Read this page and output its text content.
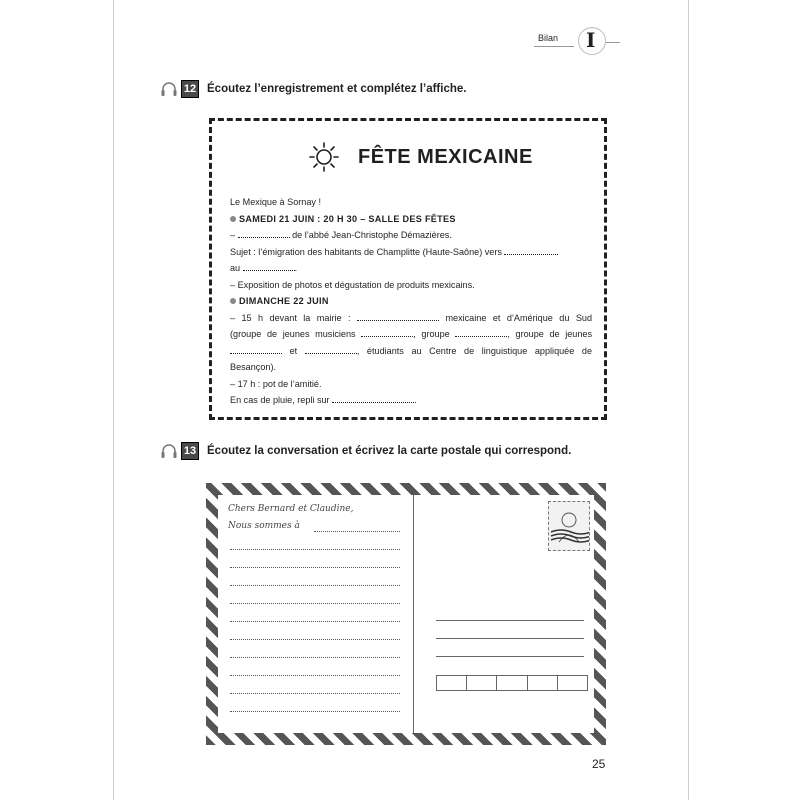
Bilan I
12 Écoutez l’enregistrement et complétez l’affiche.
FÊTE MEXICAINE
Le Mexique à Sornay !
SAMEDI 21 JUIN : 20 H 30 – SALLE DES FÊTES
–	de l’abbé Jean-Christophe Démazières.
Sujet : l’émigration des habitants de Champlitte (Haute-Saône) vers
au	.
– Exposition de photos et dégustation de produits mexicains.
DIMANCHE 22 JUIN
– 15 h devant la mairie :	mexicaine et d’Amérique du Sud
(groupe de jeunes musiciens	, groupe	, groupe de jeunes
et	, étudiants au Centre de linguistique appliquée de
Besançon).
– 17 h : pot de l’amitié.
En cas de pluie, repli sur	.
13 Écoutez la conversation et écrivez la carte postale qui correspond.
Chers Bernard et Claudine,
Nous sommes à
25
